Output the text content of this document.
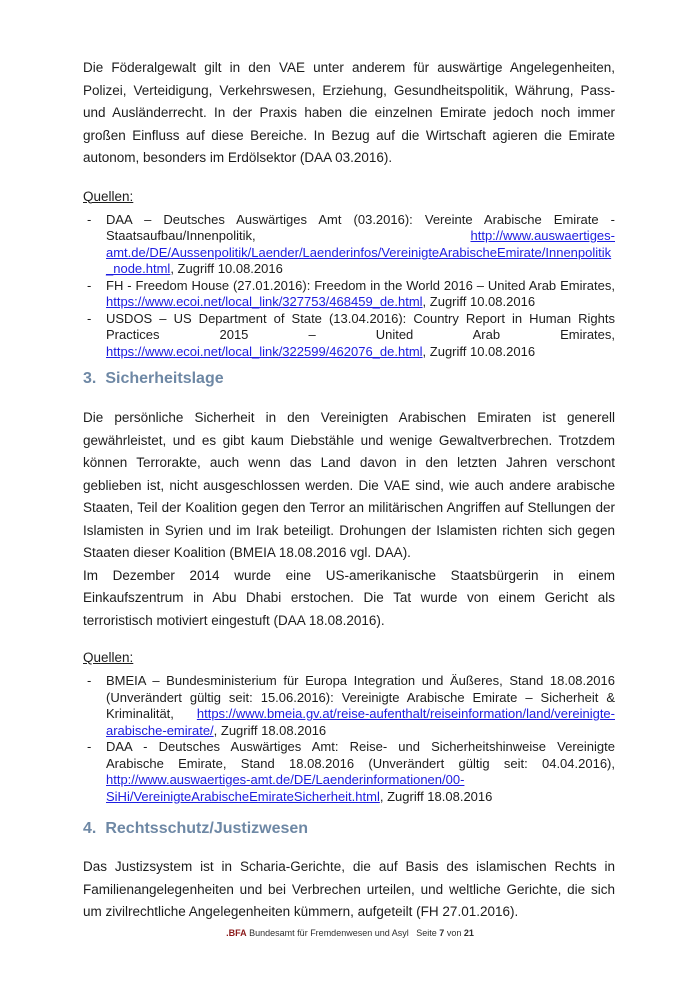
Die Föderalgewalt gilt in den VAE unter anderem für auswärtige Angelegenheiten, Polizei, Verteidigung, Verkehrswesen, Erziehung, Gesundheitspolitik, Währung, Pass- und Ausländerrecht. In der Praxis haben die einzelnen Emirate jedoch noch immer großen Einfluss auf diese Bereiche. In Bezug auf die Wirtschaft agieren die Emirate autonom, besonders im Erdölsektor (DAA 03.2016).

Quellen:

- DAA – Deutsches Auswärtiges Amt (03.2016): Vereinte Arabische Emirate - Staatsaufbau/Innenpolitik, http://www.auswaertiges-amt.de/DE/Aussenpolitik/Laender/Laenderinfos/VereinigteArabischeEmirate/Innenpolitik_node.html, Zugriff 10.08.2016
- FH - Freedom House (27.01.2016): Freedom in the World 2016 – United Arab Emirates, https://www.ecoi.net/local_link/327753/468459_de.html, Zugriff 10.08.2016
- USDOS – US Department of State (13.04.2016): Country Report in Human Rights Practices 2015 – United Arab Emirates, https://www.ecoi.net/local_link/322599/462076_de.html, Zugriff 10.08.2016
3. Sicherheitslage

Die persönliche Sicherheit in den Vereinigten Arabischen Emiraten ist generell gewährleistet, und es gibt kaum Diebstähle und wenige Gewaltverbrechen. Trotzdem können Terrorakte, auch wenn das Land davon in den letzten Jahren verschont geblieben ist, nicht ausgeschlossen werden. Die VAE sind, wie auch andere arabische Staaten, Teil der Koalition gegen den Terror an militärischen Angriffen auf Stellungen der Islamisten in Syrien und im Irak beteiligt. Drohungen der Islamisten richten sich gegen Staaten dieser Koalition (BMEIA 18.08.2016 vgl. DAA).

Im Dezember 2014 wurde eine US-amerikanische Staatsbürgerin in einem Einkaufszentrum in Abu Dhabi erstochen. Die Tat wurde von einem Gericht als terroristisch motiviert eingestuft (DAA 18.08.2016).

Quellen:

- BMEIA – Bundesministerium für Europa Integration und Äußeres, Stand 18.08.2016 (Unverändert gültig seit: 15.06.2016): Vereinigte Arabische Emirate – Sicherheit & Kriminalität, https://www.bmeia.gv.at/reise-aufenthalt/reiseinformation/land/vereinigte-arabische-emirate/, Zugriff 18.08.2016
- DAA - Deutsches Auswärtiges Amt: Reise- und Sicherheitshinweise Vereinigte Arabische Emirate, Stand 18.08.2016 (Unverändert gültig seit: 04.04.2016), http://www.auswaertiges-amt.de/DE/Laenderinformationen/00-SiHi/VereinigteArabischeEmirateSicherheit.html, Zugriff 18.08.2016
4. Rechtsschutz/Justizwesen

Das Justizsystem ist in Scharia-Gerichte, die auf Basis des islamischen Rechts in Familienangelegenheiten und bei Verbrechen urteilen, und weltliche Gerichte, die sich um zivilrechtliche Angelegenheiten kümmern, aufgeteilt (FH 27.01.2016).

.BFA Bundesamt für Fremdenwesen und Asyl Seite 7 von 21
